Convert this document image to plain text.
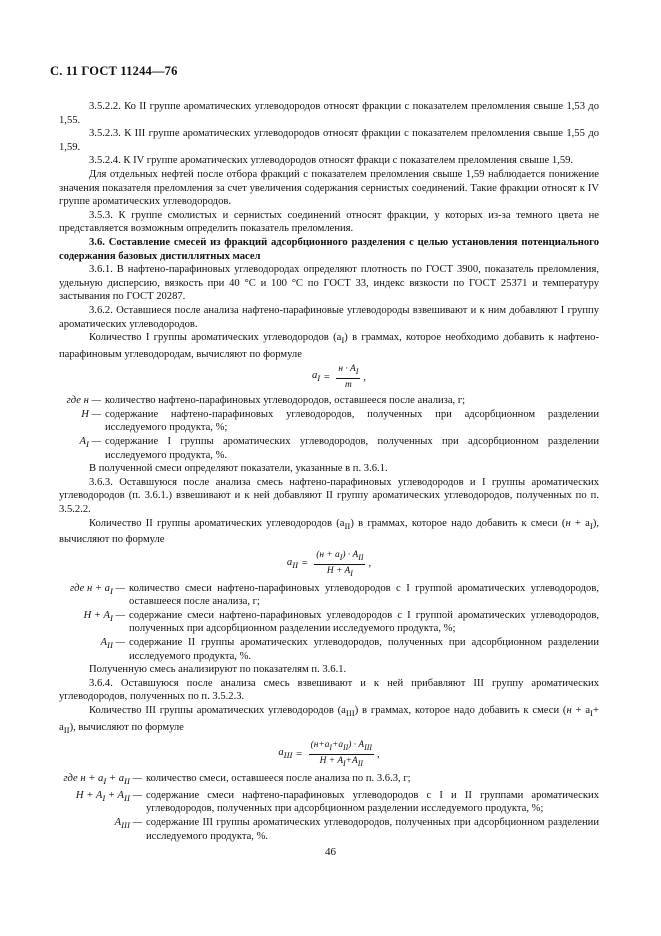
С. 11 ГОСТ 11244—76

3.5.2.2. Ко II группе ароматических углеводородов относят фракции с показателем преломления свыше 1,53 до 1,55.

3.5.2.3. К III группе ароматических углеводородов относят фракции с показателем преломления свыше 1,55 до 1,59.

3.5.2.4. К IV группе ароматических углеводородов относят фракци с показателем преломления свыше 1,59.

Для отдельных нефтей после отбора фракций с показателем преломления свыше 1,59 наблюдается понижение значения показателя преломления за счет увеличения содержания сернистых соединений. Такие фракции относят к IV группе ароматических углеводородов.

3.5.3. К группе смолистых и сернистых соединений относят фракции, у которых из-за темного цвета не представляется возможным определить показатель преломления.

3.6. Составление смесей из фракций адсорбционного разделения с целью установления потенциального содержания базовых дистиллятных масел

3.6.1. В нафтено-парафиновых углеводородах определяют плотность по ГОСТ 3900, показатель преломления, удельную дисперсию, вязкость при 40 °С и 100 °С по ГОСТ 33, индекс вязкости по ГОСТ 25371 и температуру застывания по ГОСТ 20287.

3.6.2. Оставшиеся после анализа нафтено-парафиновые углеводороды взвешивают и к ним добавляют I группу ароматических углеводородов.

Количество I группы ароматических углеводородов $(a_I)$ в граммах, которое необходимо добавить к нафтено-парафиновым углеводородам, вычисляют по формуле

$a_I = \frac{н \cdot A_I}{m}$ ,
где н — количество нафтено-парафиновых углеводородов, оставшееся после анализа, г;
H — содержание нафтено-парафиновых углеводородов, полученных при адсорбционном разделении исследуемого продукта, %;
$A_I$ — содержание I группы ароматических углеводородов, полученных при адсорбционном разделении исследуемого продукта, %.

В полученной смеси определяют показатели, указанные в п. 3.6.1.

3.6.3. Оставшуюся после анализа смесь нафтено-парафиновых углеводородов и I группы ароматических углеводородов (п. 3.6.1.) взвешивают и к ней добавляют II группу ароматических углеводородов, полученных по п. 3.5.2.2.

Количество II группы ароматических углеводородов $(a_{II})$ в граммах, которое надо добавить к смеси $(н + a_I)$, вычисляют по формуле

$a_{II} = \frac{(н + a_I) \cdot A_{II}}{H + A_I}$ ,
где $н + a_I$ — количество смеси нафтено-парафиновых углеводородов с I группой ароматических углеводородов, оставшееся после анализа, г;
$H + A_I$ — содержание смеси нафтено-парафиновых углеводородов с I группой ароматических углеводородов, полученных при адсорбционном разделении исследуемого продукта, %;
$A_{II}$ — содержание II группы ароматических углеводородов, полученных при адсорбционном разделении исследуемого продукта, %.

Полученную смесь анализируют по показателям п. 3.6.1.

3.6.4. Оставшуюся после анализа смесь взвешивают и к ней прибавляют III группу ароматических углеводородов, полученных по п. 3.5.2.3.

Количество III группы ароматических углеводородов $(a_{III})$ в граммах, которое надо добавить к смеси $(н + a_I+ a_{II})$, вычисляют по формуле

$a_{III} = \frac{(н+a_I+a_{II}) \cdot A_{III}}{H + A_I+A_{II}}$ ,
где $н + a_I + a_{II}$ — количество смеси, оставшееся после анализа по п. 3.6.3, г;
$H + A_I + A_{II}$ — содержание смеси нафтено-парафиновых углеводородов с I и II группами ароматических углеводородов, полученных при адсорбционном разделении исследуемого продукта, %;
$A_{III}$ — содержание III группы ароматических углеводородов, полученных при адсорбционном разделении исследуемого продукта, %.
46
